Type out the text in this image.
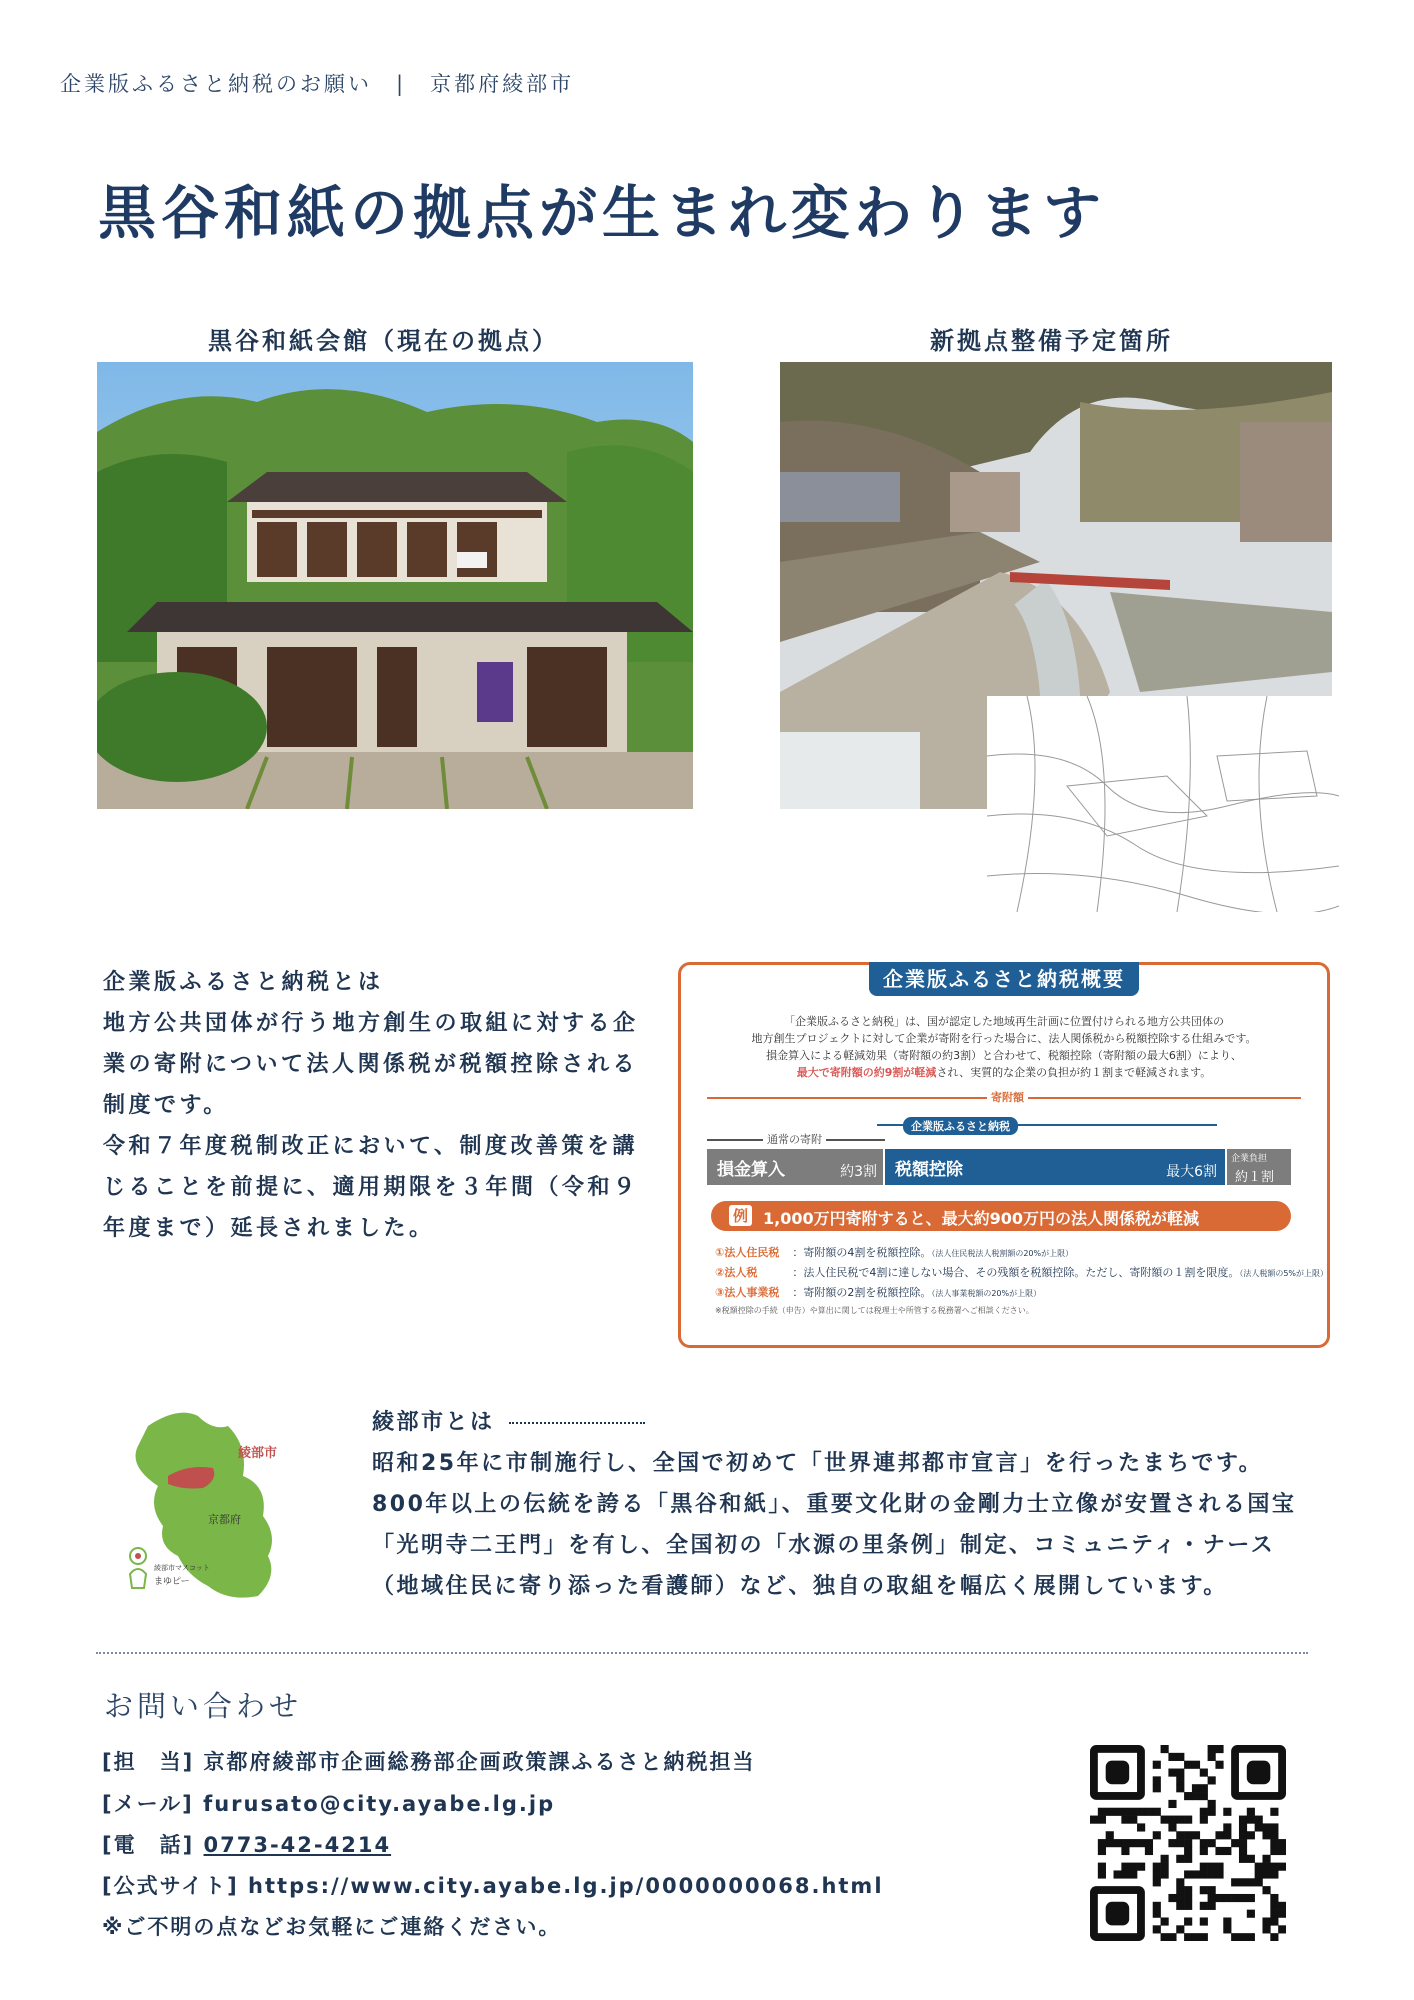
企業版ふるさと納税のお願い | 京都府綾部市
黒谷和紙の拠点が生まれ変わります
黒谷和紙会館（現在の拠点）	新拠点整備予定箇所
企業版ふるさと納税とは
地方公共団体が行う地方創生の取組に対する企
業の寄附について法人関係税が税額控除される
制度です。
令和７年度税制改正において、制度改善策を講
じることを前提に、適用期限を３年間（令和９
年度まで）延長されました。
企業版ふるさと納税概要
「企業版ふるさと納税」は、国が認定した地域再生計画に位置付けられる地方公共団体の
地方創生プロジェクトに対して企業が寄附を行った場合に、法人関係税から税額控除する仕組みです。
損金算入による軽減効果（寄附額の約3割）と合わせて、税額控除（寄附額の最大6割）により、
最大で寄附額の約9割が軽減され、実質的な企業の負担が約１割まで軽減されます。
寄附額
企業版ふるさと納税
通常の寄附
損金算入	約3割 税額控除	最大6割
企業負担
約１割
例 1,000万円寄附すると、最大約900万円の法人関係税が軽減
①法人住民税 ：寄附額の4割を税額控除。（法人住民税法人税割額の20%が上限）
②法人税	：法人住民税で4割に達しない場合、その残額を税額控除。ただし、寄附額の１割を限度。（法人税額の5%が上限）
③法人事業税 ：寄附額の2割を税額控除。（法人事業税額の20%が上限）
※税額控除の手続（申告）や算出に関しては税理士や所管する税務署へご相談ください。
綾部市
京都府
綾部市マスコット
まゆピー
綾部市とは
昭和25年に市制施行し、全国で初めて「世界連邦都市宣言」を行ったまちです。
800年以上の伝統を誇る「黒谷和紙」、重要文化財の金剛力士立像が安置される国宝
「光明寺二王門」を有し、全国初の「水源の里条例」制定、コミュニティ・ナース
（地域住民に寄り添った看護師）など、独自の取組を幅広く展開しています。
お問い合わせ
[担　当] 京都府綾部市企画総務部企画政策課ふるさと納税担当
[メール] furusato@city.ayabe.lg.jp
[電　話] 0773-42-4214
[公式サイト] https://www.city.ayabe.lg.jp/0000000068.html
※ご不明の点などお気軽にご連絡ください。
